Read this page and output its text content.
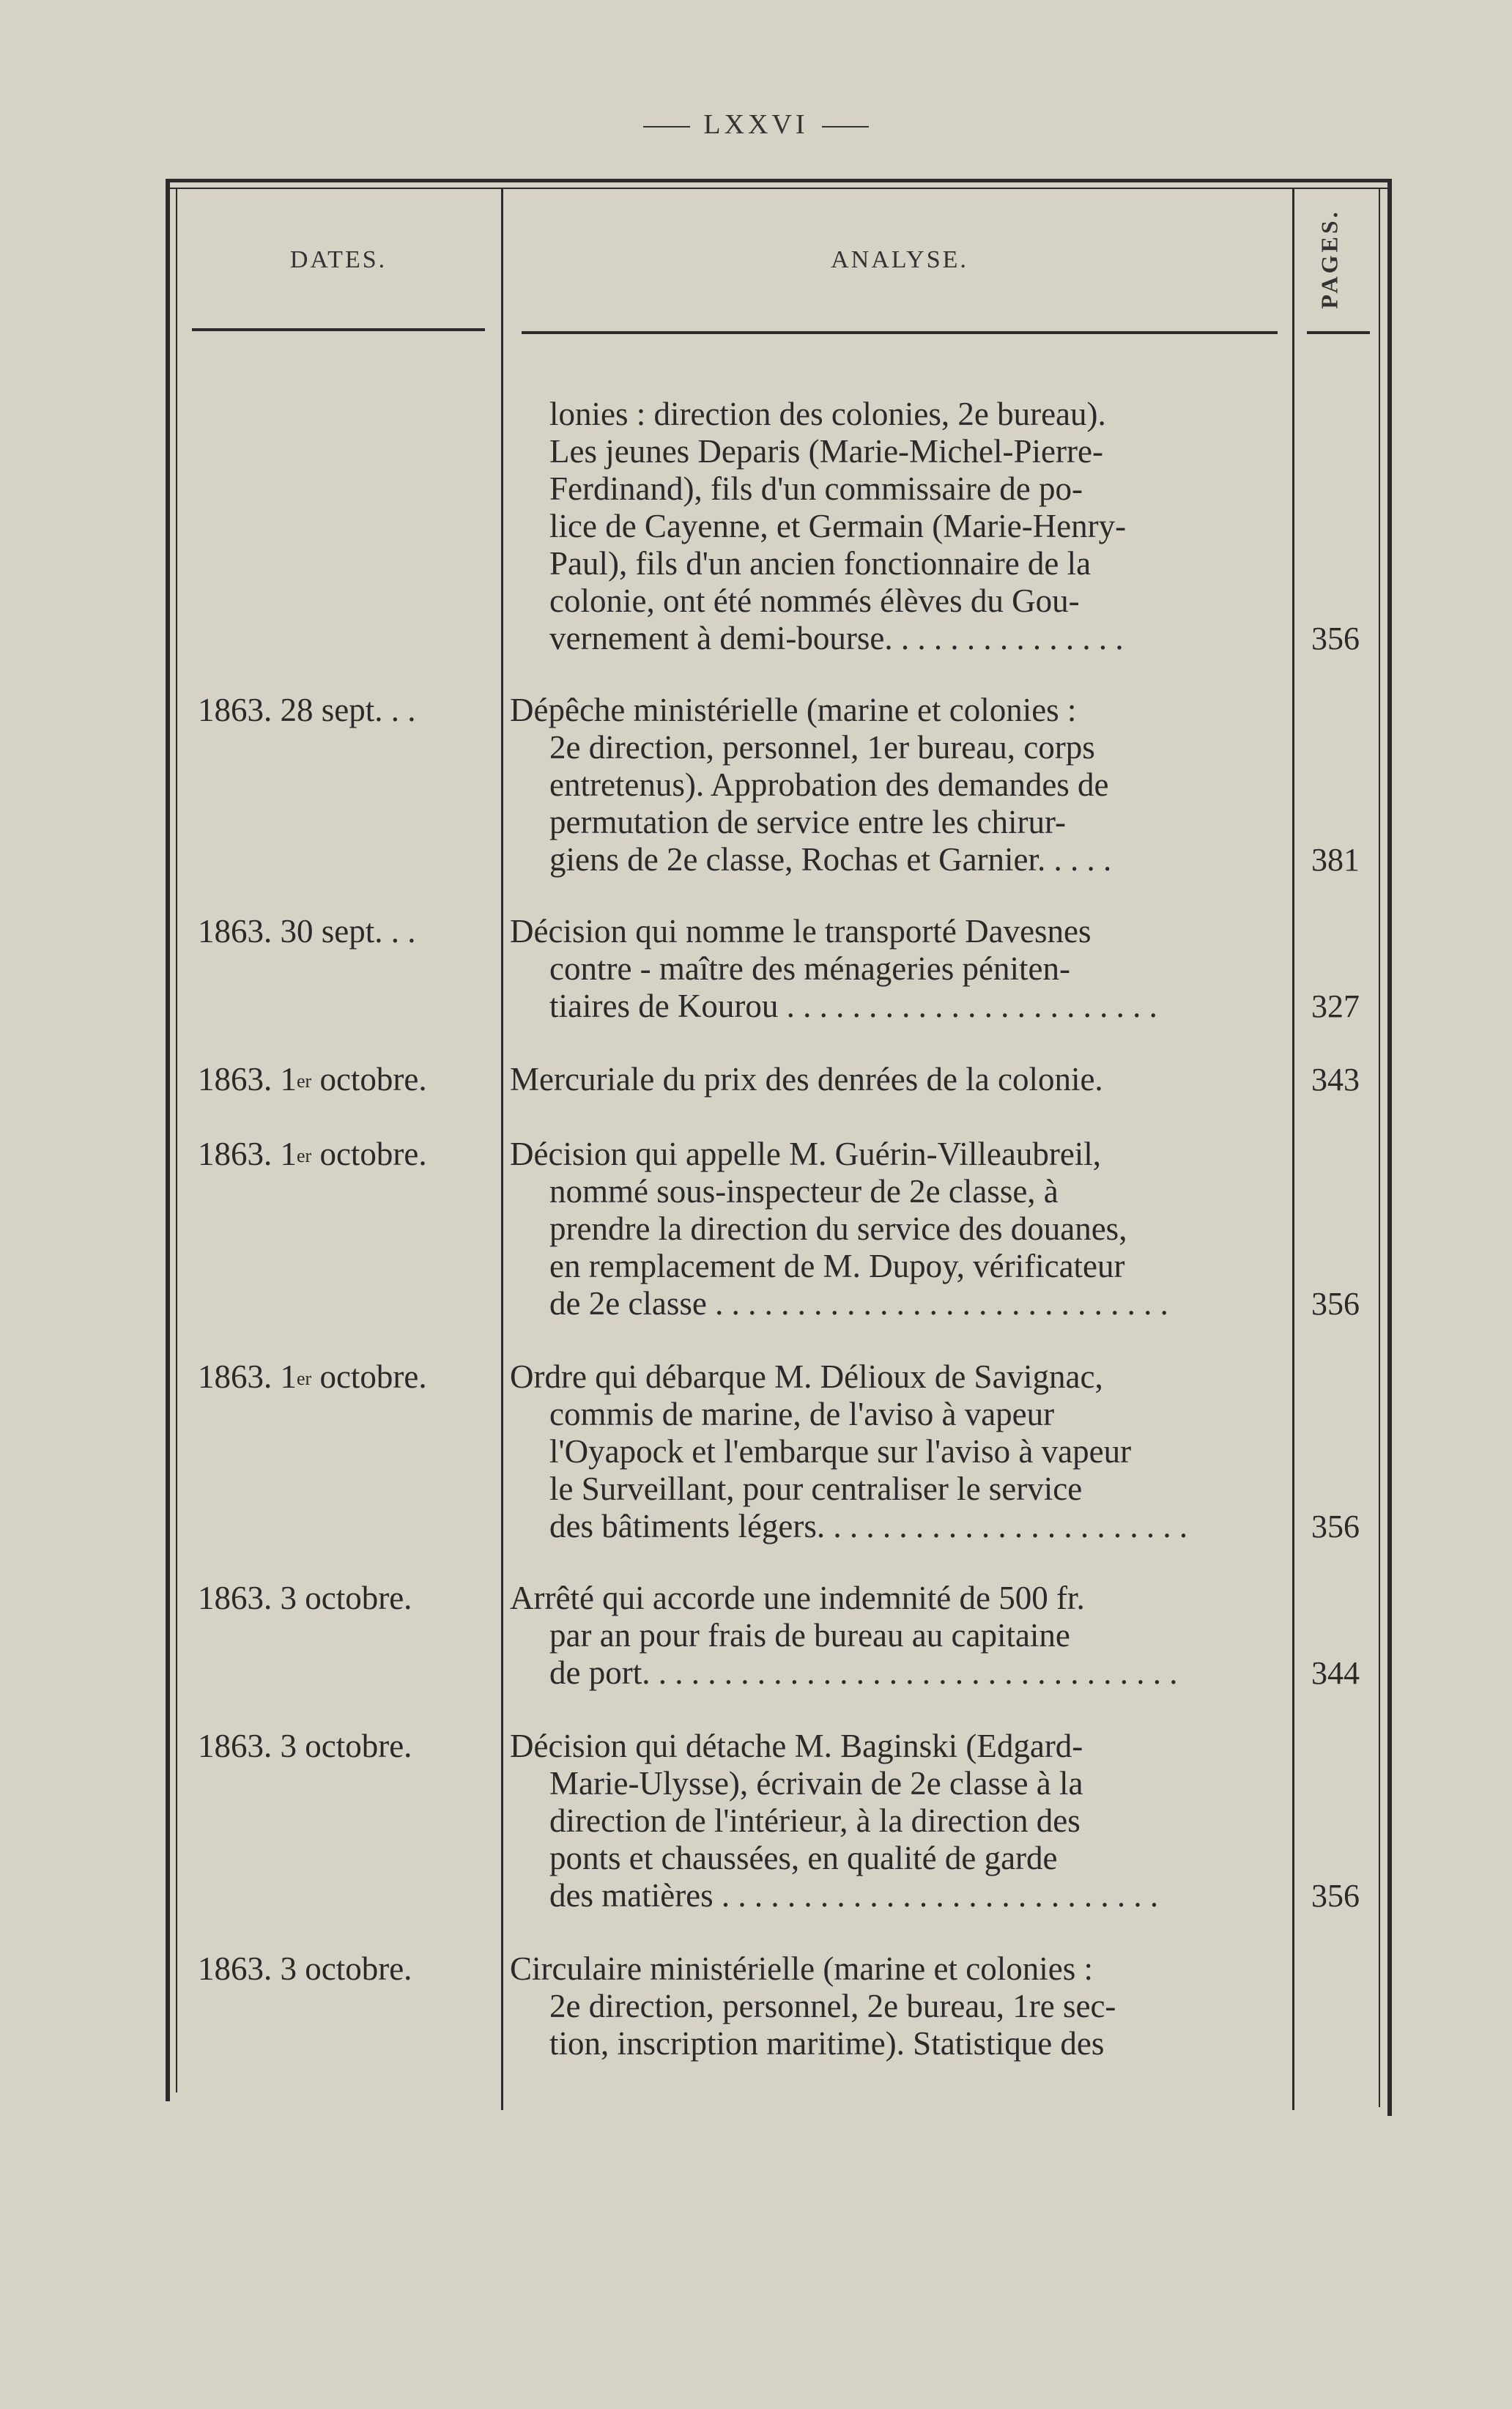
LXXVI
DATES.	ANALYSE.	PAGES.
lonies : direction des colonies, 2e bureau).
Les jeunes Deparis (Marie-Michel-Pierre-
Ferdinand), fils d'un commissaire de po-
lice de Cayenne, et Germain (Marie-Henry-
Paul), fils d'un ancien fonctionnaire de la
colonie, ont été nommés élèves du Gou-
vernement à demi-bourse. . . . . . . . . . . . . . .	356
1863. 28 sept. . .	Dépêche ministérielle (marine et colonies :
2e direction, personnel, 1er bureau, corps
entretenus). Approbation des demandes de
permutation de service entre les chirur-
giens de 2e classe, Rochas et Garnier. . . . .	381
1863. 30 sept. . .	Décision qui nomme le transporté Davesnes
contre - maître des ménageries péniten-
tiaires de Kourou . . . . . . . . . . . . . . . . . . . . . . .	327
1863. 1er octobre.	Mercuriale du prix des denrées de la colonie.	343
1863. 1er octobre.	Décision qui appelle M. Guérin-Villeaubreil,
nommé sous-inspecteur de 2e classe, à
prendre la direction du service des douanes,
en remplacement de M. Dupoy, vérificateur
de 2e classe . . . . . . . . . . . . . . . . . . . . . . . . . . . .	356
1863. 1er octobre.	Ordre qui débarque M. Délioux de Savignac,
commis de marine, de l'aviso à vapeur
l'Oyapock et l'embarque sur l'aviso à vapeur
le Surveillant, pour centraliser le service
des bâtiments légers. . . . . . . . . . . . . . . . . . . . . . .	356
1863. 3 octobre.	Arrêté qui accorde une indemnité de 500 fr.
par an pour frais de bureau au capitaine
de port. . . . . . . . . . . . . . . . . . . . . . . . . . . . . . . . .	344
1863. 3 octobre.	Décision qui détache M. Baginski (Edgard-
Marie-Ulysse), écrivain de 2e classe à la
direction de l'intérieur, à la direction des
ponts et chaussées, en qualité de garde
des matières . . . . . . . . . . . . . . . . . . . . . . . . . . .	356
1863. 3 octobre.	Circulaire ministérielle (marine et colonies :
2e direction, personnel, 2e bureau, 1re sec-
tion, inscription maritime). Statistique des
